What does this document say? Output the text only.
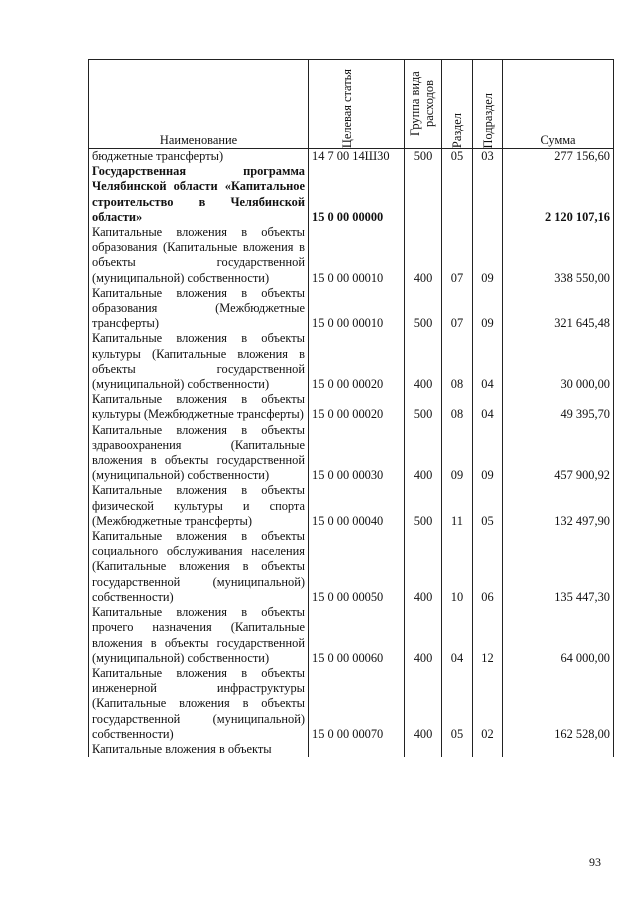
Наименование	Целевая статья	Группа вида расходов	Раздел	Подраздел	Сумма
бюджетные трансферты)	14 7 00 14Ш30	500	05	03	277 156,60
Государственная программа Челябинской области «Капитальное строительство в Челябинской области»	15 0 00 00000				2 120 107,16
Капитальные вложения в объекты образования (Капитальные вложения в объекты государственной (муниципальной) собственности)	15 0 00 00010	400	07	09	338 550,00
Капитальные вложения в объекты образования (Межбюджетные трансферты)	15 0 00 00010	500	07	09	321 645,48
Капитальные вложения в объекты культуры (Капитальные вложения в объекты государственной (муниципальной) собственности)	15 0 00 00020	400	08	04	30 000,00
Капитальные вложения в объекты культуры (Межбюджетные трансферты)	15 0 00 00020	500	08	04	49 395,70
Капитальные вложения в объекты здравоохранения (Капитальные вложения в объекты государственной (муниципальной) собственности)	15 0 00 00030	400	09	09	457 900,92
Капитальные вложения в объекты физической культуры и спорта (Межбюджетные трансферты)	15 0 00 00040	500	11	05	132 497,90
Капитальные вложения в объекты социального обслуживания населения (Капитальные вложения в объекты государственной (муниципальной) собственности)	15 0 00 00050	400	10	06	135 447,30
Капитальные вложения в объекты прочего назначения (Капитальные вложения в объекты государственной (муниципальной) собственности)	15 0 00 00060	400	04	12	64 000,00
Капитальные вложения в объекты инженерной инфраструктуры (Капитальные вложения в объекты государственной (муниципальной) собственности)	15 0 00 00070	400	05	02	162 528,00
Капитальные вложения в объекты					
93
